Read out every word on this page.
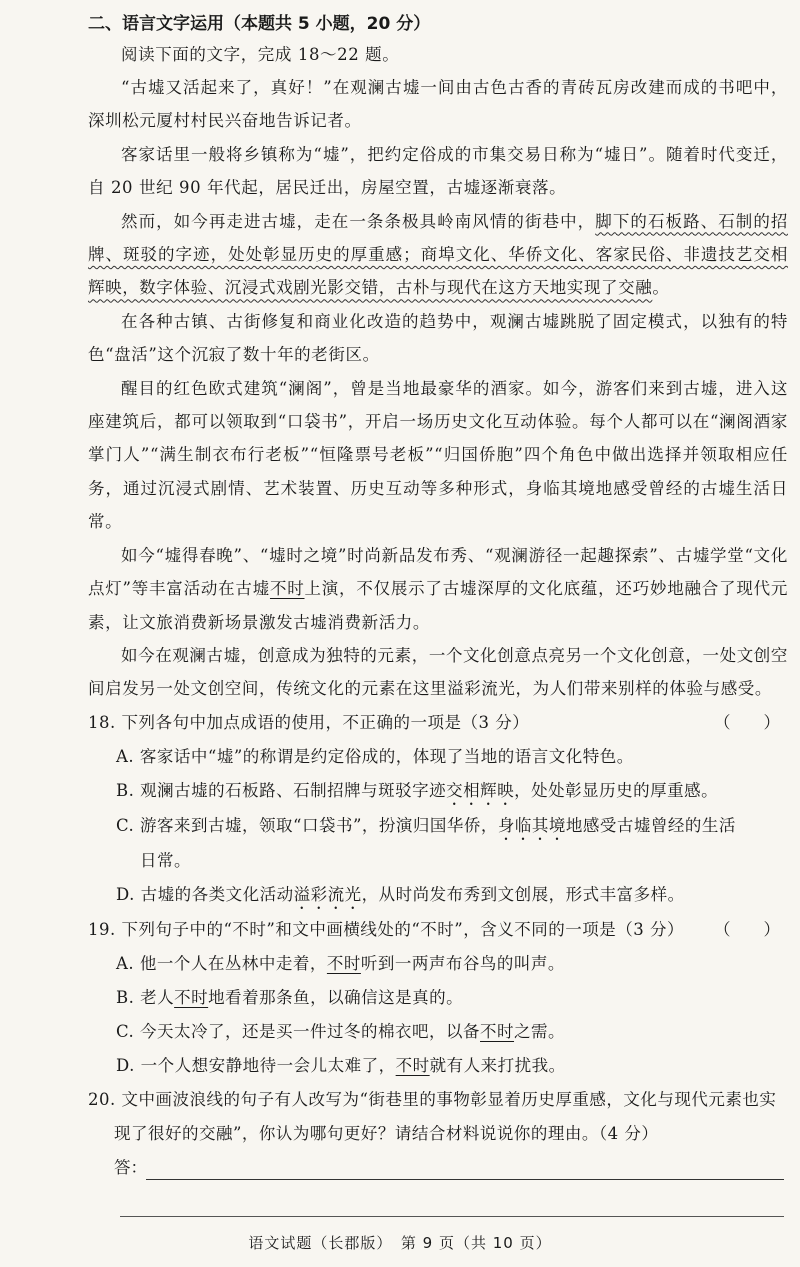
二、语言文字运用（本题共 5 小题，20 分）
阅读下面的文字，完成 18～22 题。
“古墟又活起来了，真好！”在观澜古墟一间由古色古香的青砖瓦房改建而成的书吧中，深圳松元厦村村民兴奋地告诉记者。
客家话里一般将乡镇称为“墟”，把约定俗成的市集交易日称为“墟日”。随着时代变迁，自 20 世纪 90 年代起，居民迁出，房屋空置，古墟逐渐衰落。
然而，如今再走进古墟，走在一条条极具岭南风情的街巷中，脚下的石板路、石制的招牌、斑驳的字迹，处处彰显历史的厚重感；商埠文化、华侨文化、客家民俗、非遗技艺交相辉映，数字体验、沉浸式戏剧光影交错，古朴与现代在这方天地实现了交融。
在各种古镇、古街修复和商业化改造的趋势中，观澜古墟跳脱了固定模式，以独有的特色“盘活”这个沉寂了数十年的老街区。
醒目的红色欧式建筑“澜阁”，曾是当地最豪华的酒家。如今，游客们来到古墟，进入这座建筑后，都可以领取到“口袋书”，开启一场历史文化互动体验。每个人都可以在“澜阁酒家掌门人”“满生制衣布行老板”“恒隆票号老板”“归国侨胞”四个角色中做出选择并领取相应任务，通过沉浸式剧情、艺术装置、历史互动等多种形式，身临其境地感受曾经的古墟生活日常。
如今“墟得春晚”、“墟时之境”时尚新品发布秀、“观澜游径一起趣探索”、古墟学堂“文化点灯”等丰富活动在古墟不时上演，不仅展示了古墟深厚的文化底蕴，还巧妙地融合了现代元素，让文旅消费新场景激发古墟消费新活力。
如今在观澜古墟，创意成为独特的元素，一个文化创意点亮另一个文化创意，一处文创空间启发另一处文创空间，传统文化的元素在这里溢彩流光，为人们带来别样的体验与感受。
18. 下列各句中加点成语的使用，不正确的一项是（3 分）	（　　）
A. 客家话中“墟”的称谓是约定俗成的，体现了当地的语言文化特色。
B. 观澜古墟的石板路、石制招牌与斑驳字迹交相辉映，处处彰显历史的厚重感。
C. 游客来到古墟，领取“口袋书”，扮演归国华侨，身临其境地感受古墟曾经的生活
日常。
D. 古墟的各类文化活动溢彩流光，从时尚发布秀到文创展，形式丰富多样。
19. 下列句子中的“不时”和文中画横线处的“不时”，含义不同的一项是（3 分）	（　　）
A. 他一个人在丛林中走着，不时听到一两声布谷鸟的叫声。
B. 老人不时地看着那条鱼，以确信这是真的。
C. 今天太冷了，还是买一件过冬的棉衣吧，以备不时之需。
D. 一个人想安静地待一会儿太难了，不时就有人来打扰我。
20. 文中画波浪线的句子有人改写为“街巷里的事物彰显着历史厚重感，文化与现代元素也实现了很好的交融”，你认为哪句更好？请结合材料说说你的理由。（4 分）
答：
语文试题（长郡版）　第 9 页（共 10 页）
